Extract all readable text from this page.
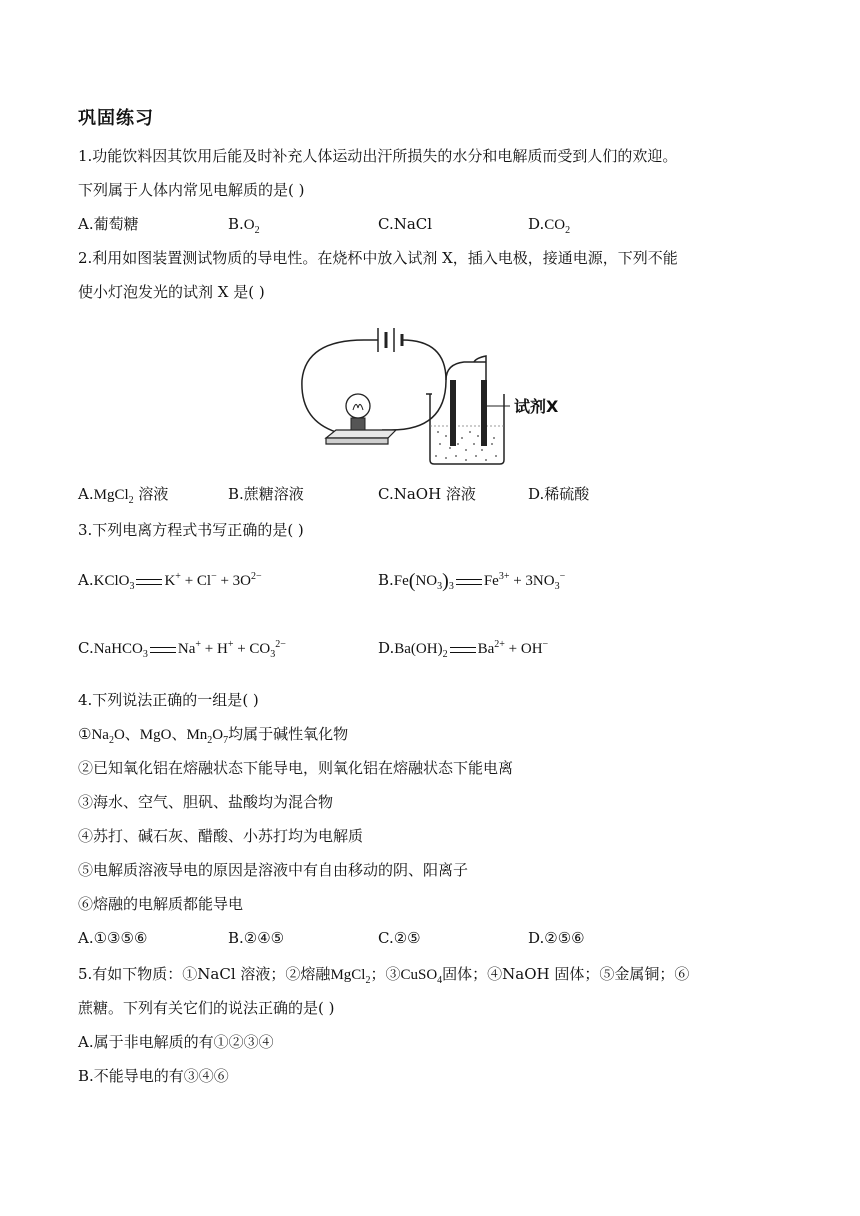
巩固练习
1.功能饮料因其饮用后能及时补充人体运动出汗所损失的水分和电解质而受到人们的欢迎。
下列属于人体内常见电解质的是( )
A.葡萄糖	$B.O_2$	C.NaCl	$D.CO_2$
2.利用如图装置测试物质的导电性。在烧杯中放入试剂 X，插入电极，接通电源，下列不能
使小灯泡发光的试剂 X 是( )
试剂X
A.MgCl$_2$ 溶液	B.蔗糖溶液	C.NaOH 溶液	D.稀硫酸
3.下列电离方程式书写正确的是( )
A.KClO$_3$ $K^+ + Cl^- + 3O^{2-}$	$B.Fe(NO_3)_3$ $Fe^{3+} + 3NO_3^-$
C.NaHCO$_3$ $Na^+ + H^+ + CO_3^{2-}$	$D.Ba(OH)_2$ $Ba^{2+} + OH^-$
4.下列说法正确的一组是( )
$①Na_2O$、MgO、$Mn_2O_7$均属于碱性氧化物
②已知氧化铝在熔融状态下能导电，则氧化铝在熔融状态下能电离
③海水、空气、胆矾、盐酸均为混合物
④苏打、碱石灰、醋酸、小苏打均为电解质
⑤电解质溶液导电的原因是溶液中有自由移动的阴、阳离子
⑥熔融的电解质都能导电
A.①③⑤⑥	B.②④⑤	C.②⑤	D.②⑤⑥
5.有如下物质：①NaCl 溶液；②熔融MgCl$_2$；③CuSO$_4$固体；④NaOH 固体；⑤金属铜；⑥
蔗糖。下列有关它们的说法正确的是( )
A.属于非电解质的有①②③④
B.不能导电的有③④⑥
